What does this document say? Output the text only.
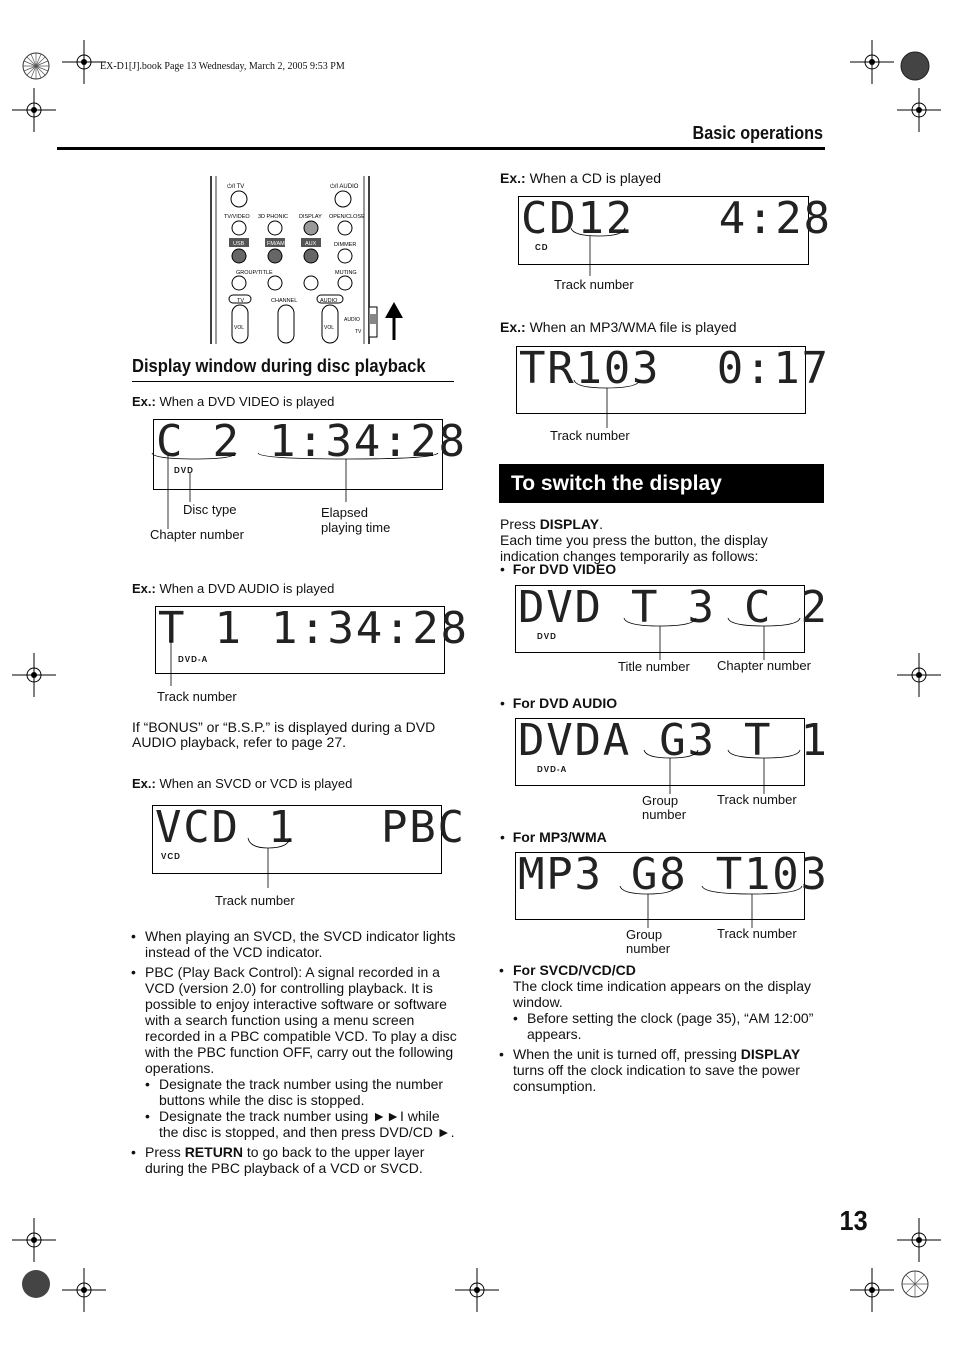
EX-D1[J].book Page 13 Wednesday, March 2, 2005 9:53 PM
Basic operations
⏻/I TV	⏻/I AUDIO
TV/VIDEO 3D PHONIC DISPLAY OPEN/CLOSE
USB	FM/AM	AUX	DIMMER
GROUP/TITLE	MUTING
TV	CHANNEL	AUDIO
VOL	VOL
AUDIO
TV
Display window during disc playback
Ex.: When a DVD VIDEO is played
C 2 1:34:28
DVD
Disc type
Chapter number
Elapsed
playing time
Ex.: When a DVD AUDIO is played
T 1 1:34:28
DVD-A
Track number
If “BONUS” or “B.S.P.” is displayed during a DVD
AUDIO playback, refer to page 27.
Ex.: When an SVCD or VCD is played
VCD 1   PBC
VCD
Track number
• When playing an SVCD, the SVCD indicator lights instead of the VCD indicator.
• PBC (Play Back Control): A signal recorded in a VCD (version 2.0) for controlling playback. It is possible to enjoy interactive software or software with a search function using a menu screen recorded in a PBC compatible VCD. To play a disc with the PBC function OFF, carry out the following operations.
• Designate the track number using the number buttons while the disc is stopped.
• Designate the track number using ►►I while the disc is stopped, and then press DVD/CD ►.
• Press RETURN to go back to the upper layer during the PBC playback of a VCD or SVCD.
Ex.: When a CD is played
CD12   4:28
CD
Track number
Ex.: When an MP3/WMA file is played
TR103  0:17
Track number
To switch the display
Press DISPLAY.
Each time you press the button, the display indication changes temporarily as follows:
•  For DVD VIDEO
DVD T 3 C 2
DVD
Title number Chapter number
•  For DVD AUDIO
DVDA G3 T 1
DVD-A
Group
number
Track number
•  For MP3/WMA
MP3 G8 T103
Group
number
Track number
• For SVCD/VCD/CD
The clock time indication appears on the display window.
• Before setting the clock (page 35), “AM 12:00” appears.
• When the unit is turned off, pressing DISPLAY turns off the clock indication to save the power consumption.
13
